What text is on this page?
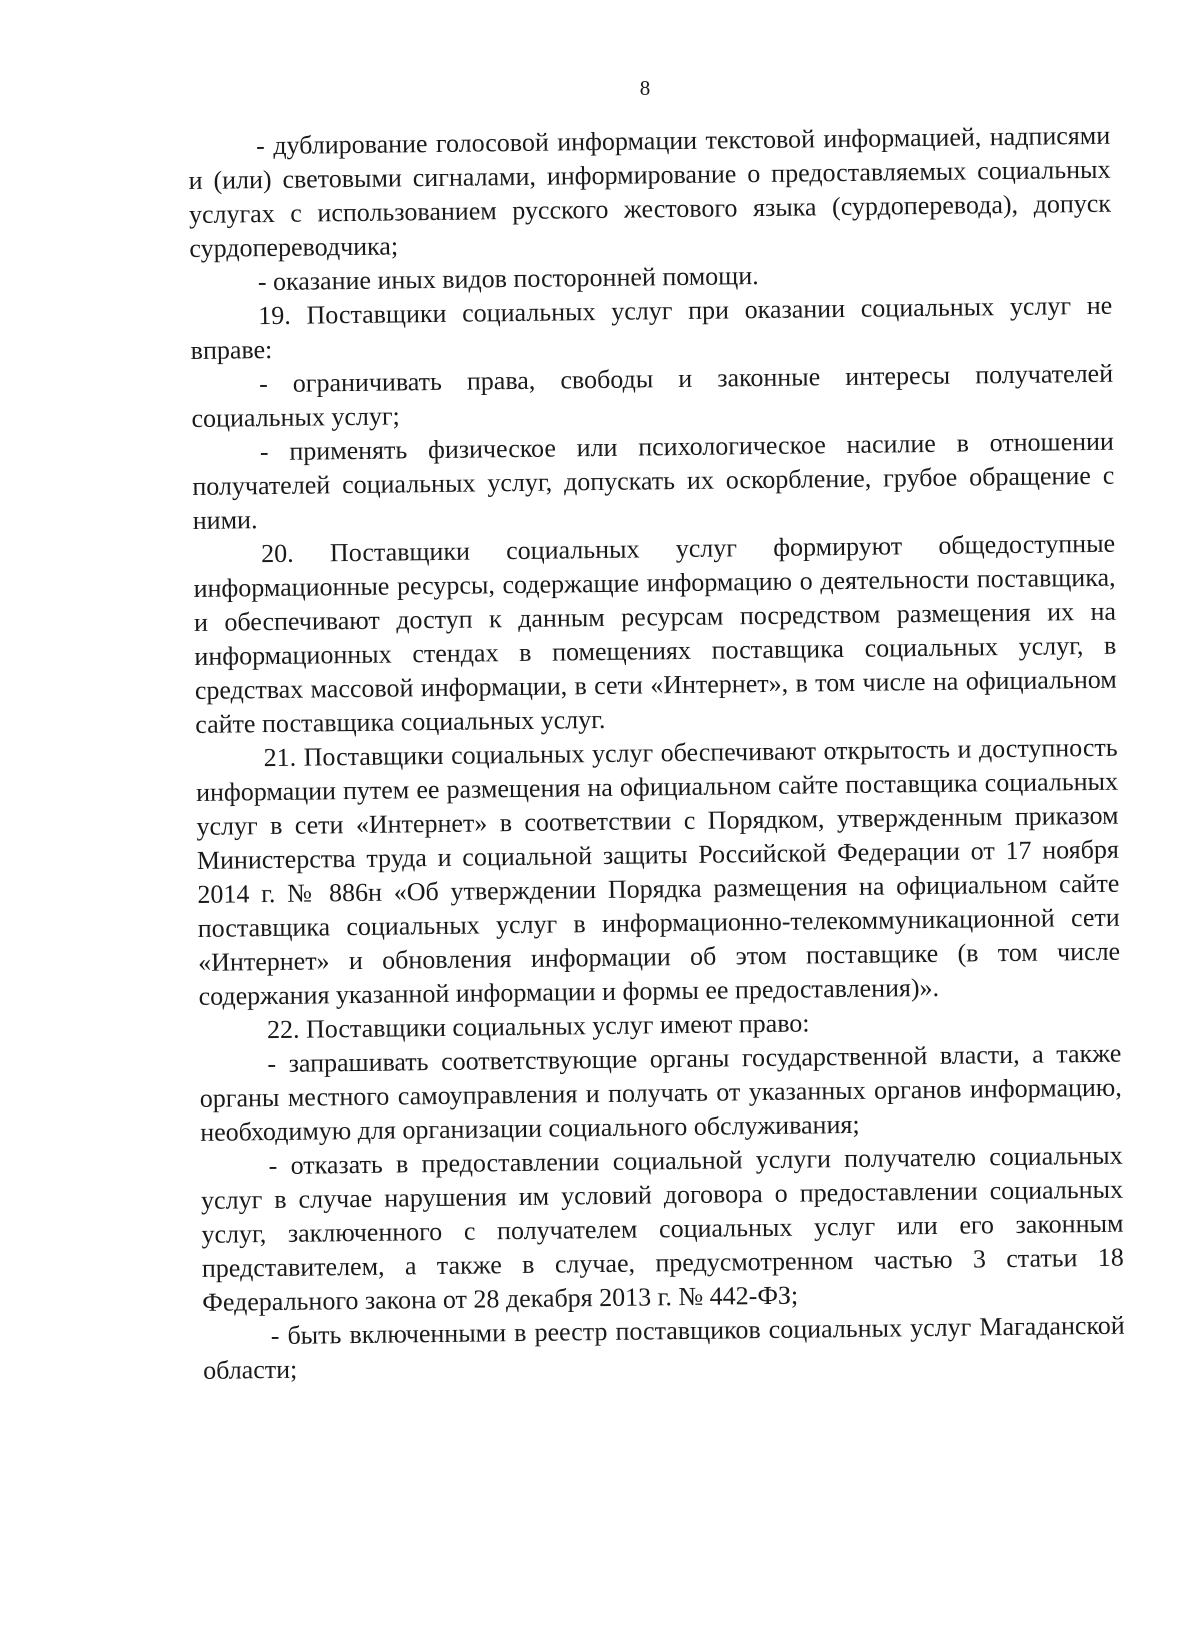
8

- дублирование голосовой информации текстовой информацией, надписями и (или) световыми сигналами, информирование о предоставляемых социальных услугах с использованием русского жестового языка (сурдоперевода), допуск сурдопереводчика;

- оказание иных видов посторонней помощи.

19. Поставщики социальных услуг при оказании социальных услуг не вправе:

- ограничивать права, свободы и законные интересы получателей социальных услуг;

- применять физическое или психологическое насилие в отношении получателей социальных услуг, допускать их оскорбление, грубое обращение с ними.

20. Поставщики социальных услуг формируют общедоступные информационные ресурсы, содержащие информацию о деятельности поставщика, и обеспечивают доступ к данным ресурсам посредством размещения их на информационных стендах в помещениях поставщика социальных услуг, в средствах массовой информации, в сети «Интернет», в том числе на официальном сайте поставщика социальных услуг.

21. Поставщики социальных услуг обеспечивают открытость и доступность информации путем ее размещения на официальном сайте поставщика социальных услуг в сети «Интернет» в соответствии с Порядком, утвержденным приказом Министерства труда и социальной защиты Российской Федерации от 17 ноября 2014 г. № 886н «Об утверждении Порядка размещения на официальном сайте поставщика социальных услуг в информационно-телекоммуникационной сети «Интернет» и обновления информации об этом поставщике (в том числе содержания указанной информации и формы ее предоставления)».

22. Поставщики социальных услуг имеют право:

- запрашивать соответствующие органы государственной власти, а также органы местного самоуправления и получать от указанных органов информацию, необходимую для организации социального обслуживания;

- отказать в предоставлении социальной услуги получателю социальных услуг в случае нарушения им условий договора о предоставлении социальных услуг, заключенного с получателем социальных услуг или его законным представителем, а также в случае, предусмотренном частью 3 статьи 18 Федерального закона от 28 декабря 2013 г. № 442-ФЗ;

- быть включенными в реестр поставщиков социальных услуг Магаданской области;
